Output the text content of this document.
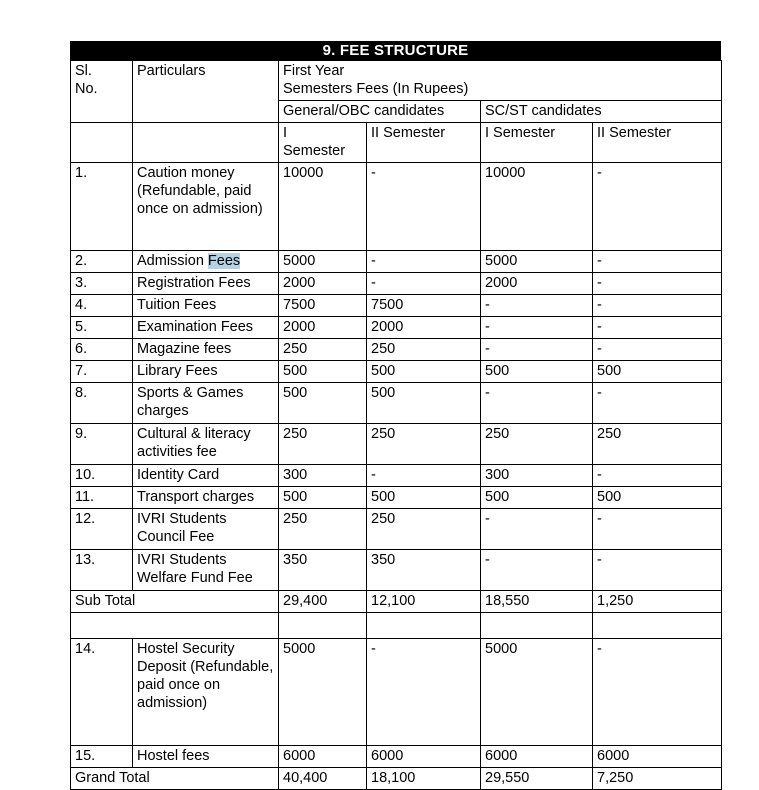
9. FEE STRUCTURE
Sl.
No.	Particulars	First Year
Semesters Fees (In Rupees)

		General/OBC candidates		SC/ST candidates	

		I
Semester	II Semester	I Semester	II Semester
1.	Caution money (Refundable, paid once on admission)	10000	-	10000	-
2.	Admission Fees	5000	-	5000	-
3.	Registration Fees	2000	-	2000	-
4.	Tuition Fees	7500	7500	-	-
5.	Examination Fees	2000	2000	-	-
6.	Magazine fees	250	250	-	-
7.	Library Fees	500	500	500	500
8.	Sports & Games charges	500	500	-	-
9.	Cultural & literacy activities fee	250	250	250	250
10.	Identity Card	300	-	300	-
11.	Transport charges	500	500	500	500
12.	IVRI Students Council Fee	250	250	-	-
13.	IVRI Students Welfare Fund Fee	350	350	-	-
Sub Total		29,400	12,100	18,550	1,250

14.	Hostel Security Deposit (Refundable, paid once on admission)	5000	-	5000	-
15.	Hostel fees	6000	6000	6000	6000
Grand Total		40,400	18,100	29,550	7,250
